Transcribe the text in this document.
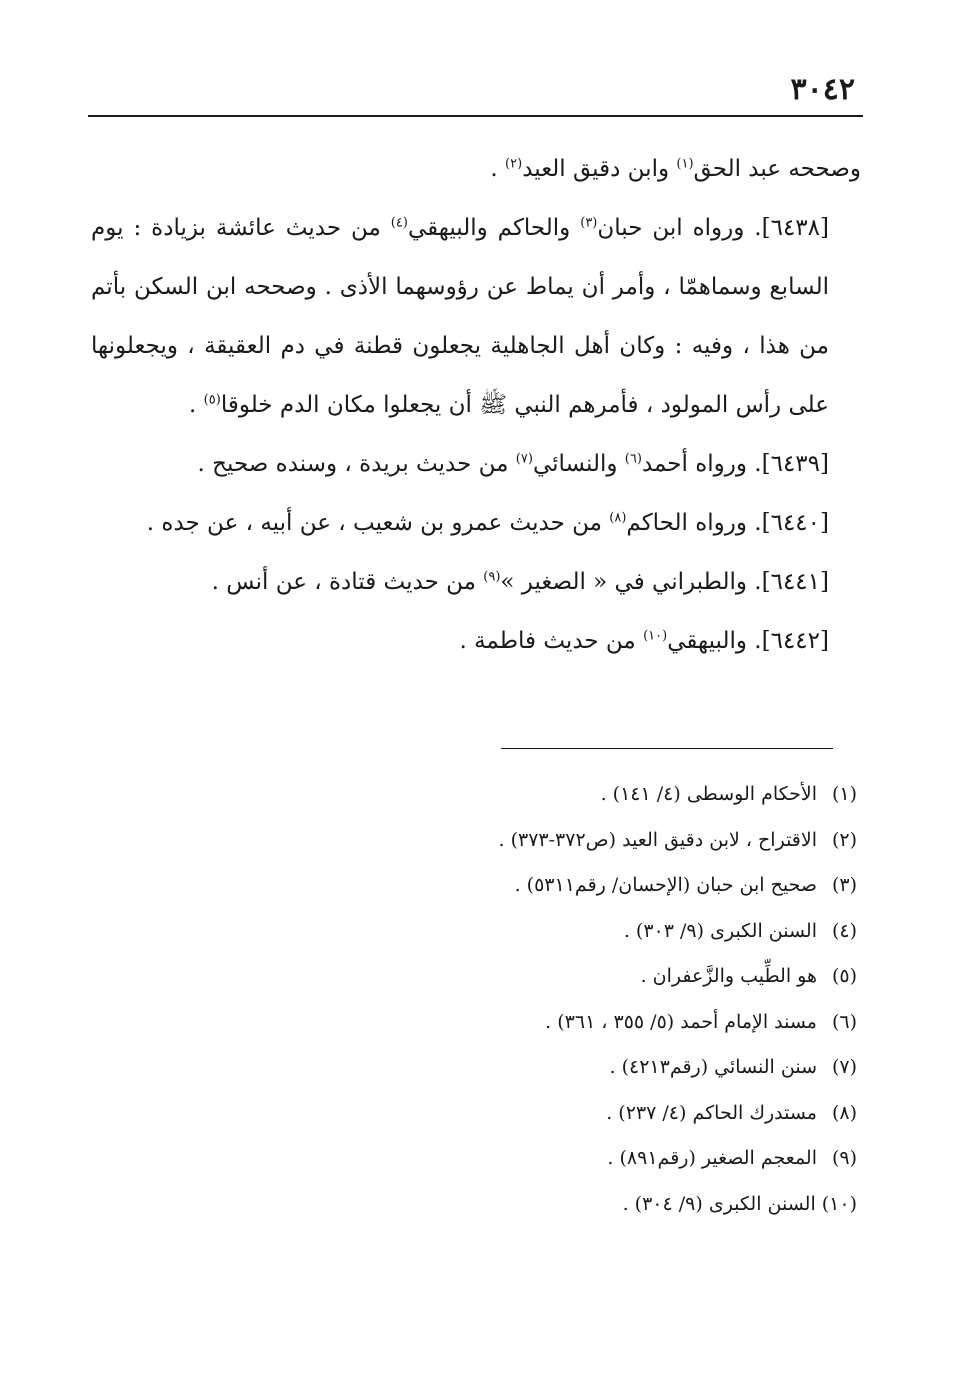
٣٠٤٢

وصححه عبد الحق$^{(١)}$ وابن دقيق العيد$^{(٢)}$ .

[٦٤٣٨]. ورواه ابن حبان$^{(٣)}$ والحاكم والبيهقي$^{(٤)}$ من حديث عائشة بزيادة : يوم السابع وسماهمّا ، وأمر أن يماط عن رؤوسهما الأذى . وصححه ابن السكن بأتم من هذا ، وفيه : وكان أهل الجاهلية يجعلون قطنة في دم العقيقة ، ويجعلونها على رأس المولود ، فأمرهم النبي ﷺ أن يجعلوا مكان الدم خلوقا$^{(٥)}$ .

[٦٤٣٩]. ورواه أحمد$^{(٦)}$ والنسائي$^{(٧)}$ من حديث بريدة ، وسنده صحيح .

[٦٤٤٠]. ورواه الحاكم$^{(٨)}$ من حديث عمرو بن شعيب ، عن أبيه ، عن جده .

[٦٤٤١]. والطبراني في « الصغير »$^{(٩)}$ من حديث قتادة ، عن أنس .

[٦٤٤٢]. والبيهقي$^{(١٠)}$ من حديث فاطمة .

(١)الأحكام الوسطى (٤/ ١٤١) .
(٢)الاقتراح ، لابن دقيق العيد (ص٣٧٢-٣٧٣) .
(٣)صحيح ابن حبان (الإحسان/ رقم٥٣١١) .
(٤)السنن الكبرى (٩/ ٣٠٣) .
(٥)هو الطِّيب والزَّعفران .
(٦)مسند الإمام أحمد (٥/ ٣٥٥ ، ٣٦١) .
(٧)سنن النسائي (رقم٤٢١٣) .
(٨)مستدرك الحاكم (٤/ ٢٣٧) .
(٩)المعجم الصغير (رقم٨٩١) .
(١٠)السنن الكبرى (٩/ ٣٠٤) .
